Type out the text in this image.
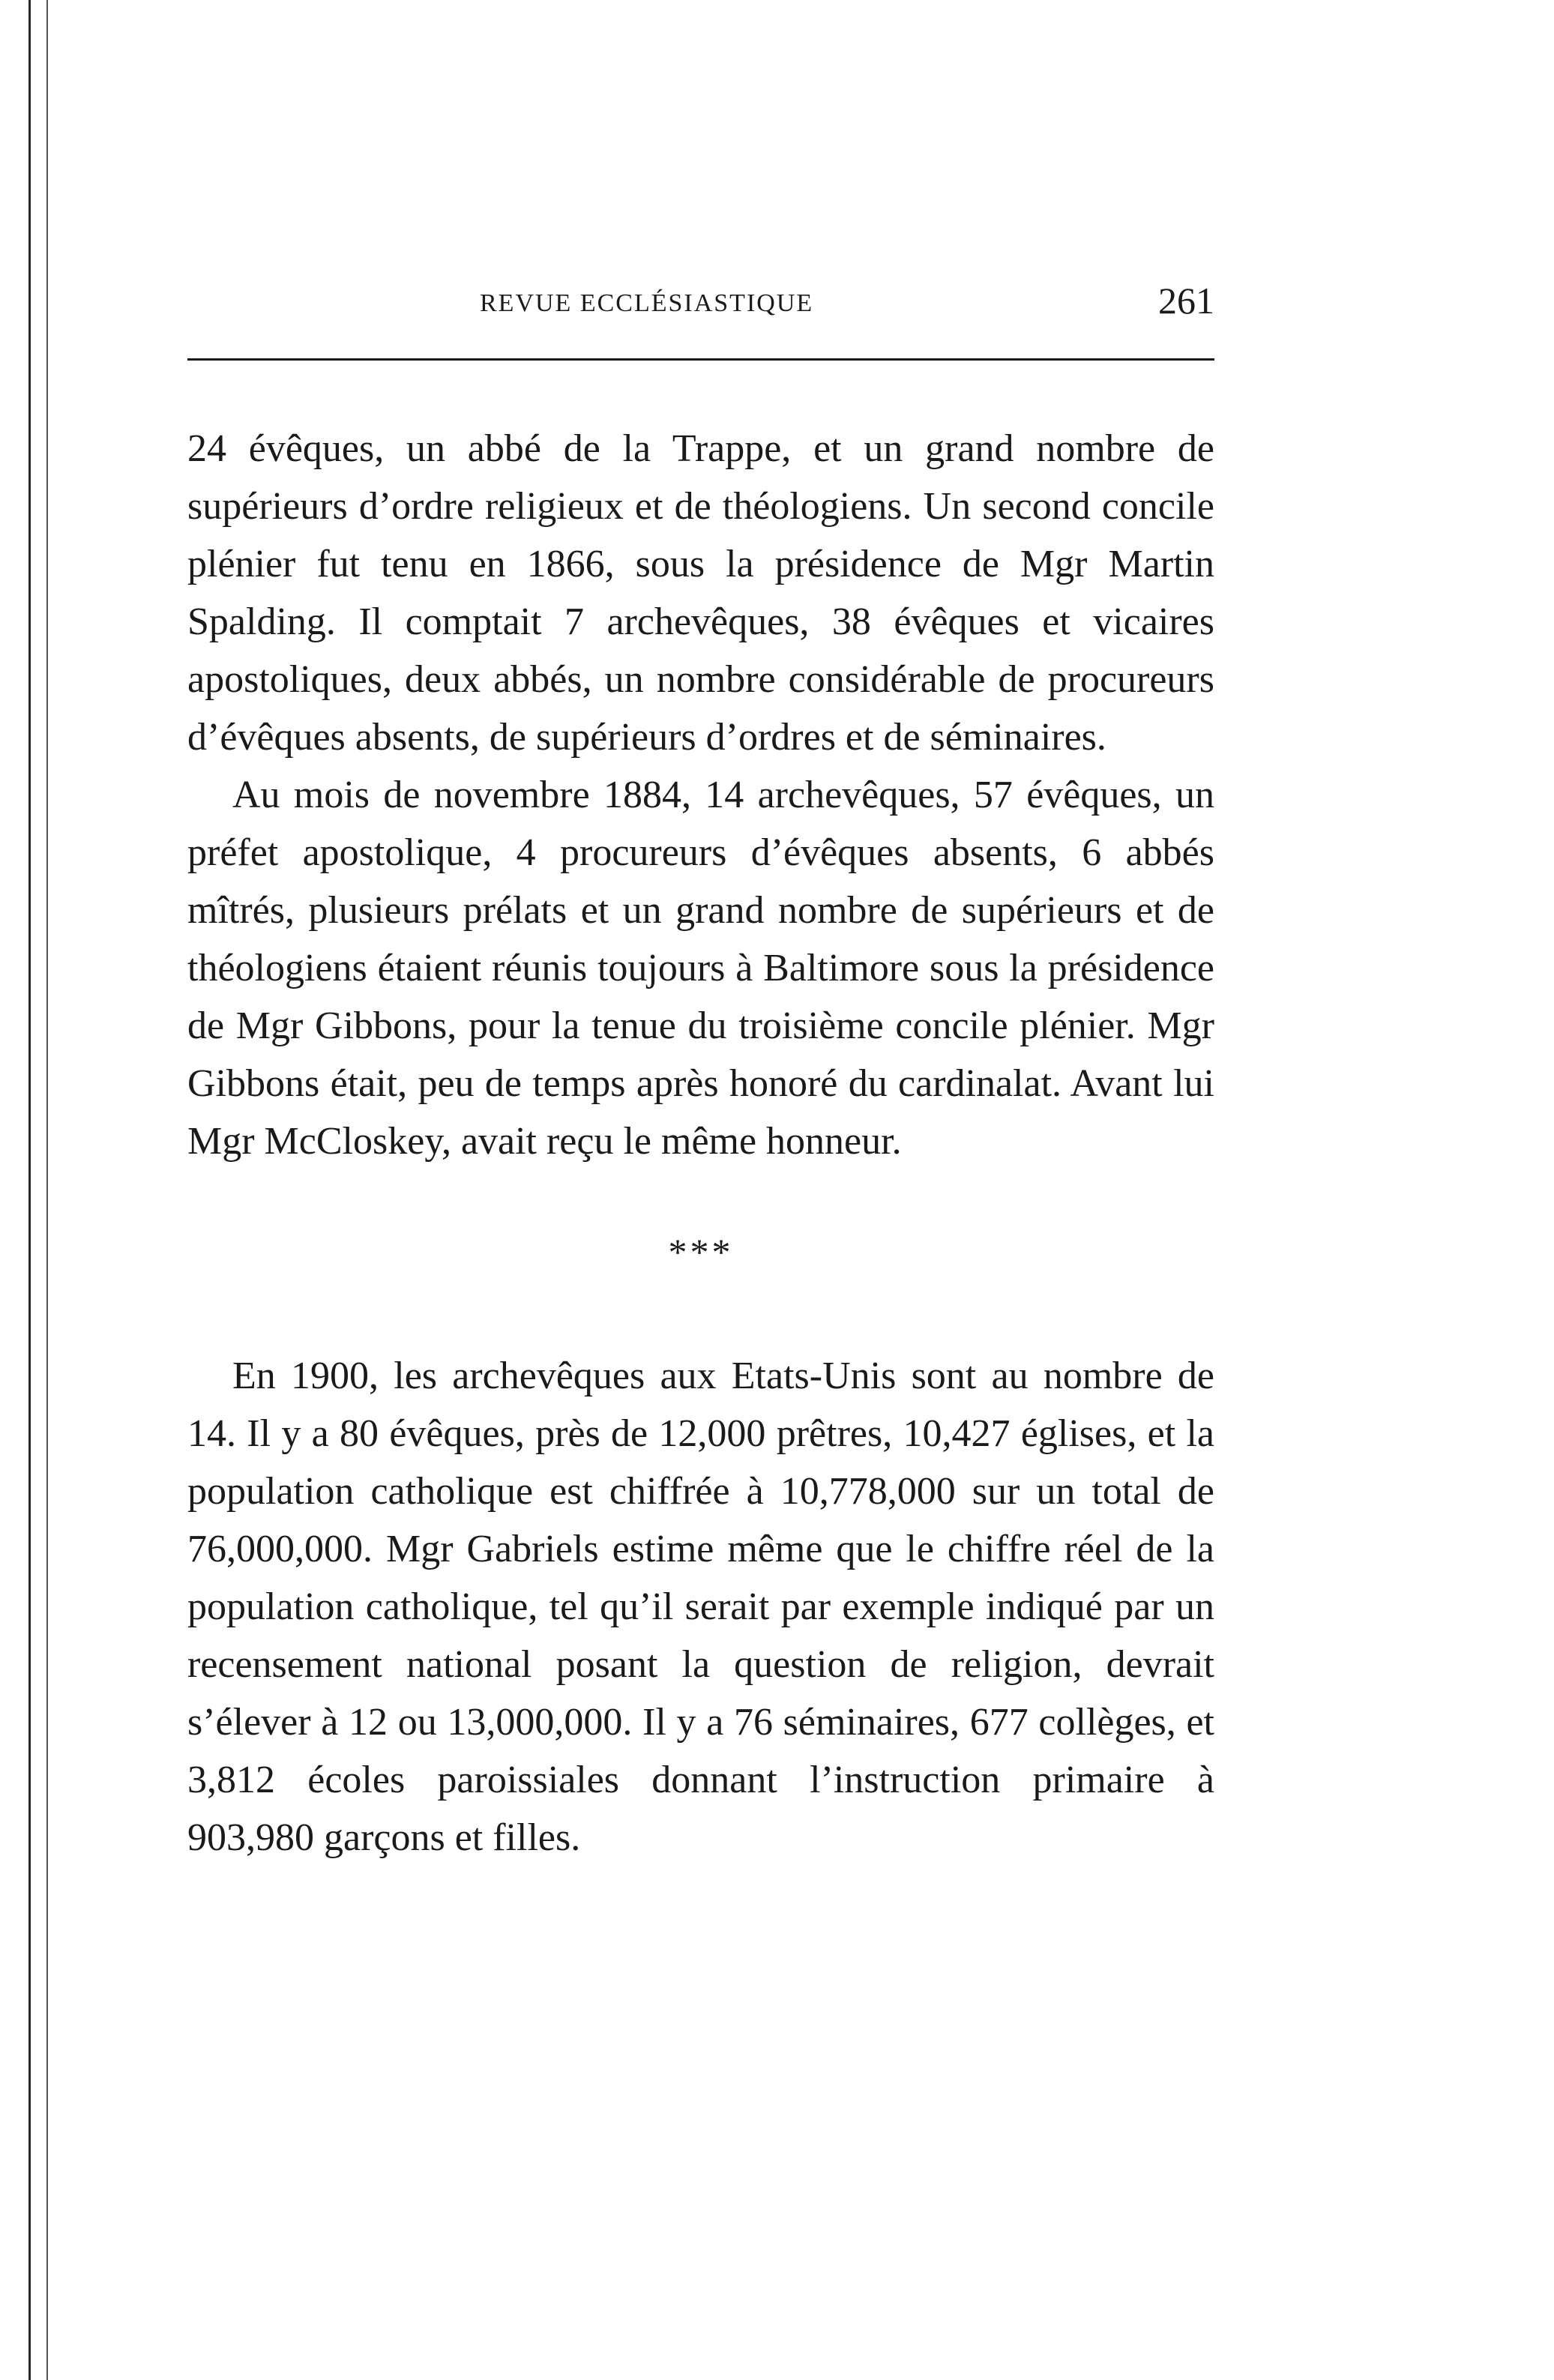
REVUE ECCLÉSIASTIQUE	261

24 évêques, un abbé de la Trappe, et un grand nombre de supérieurs d’ordre religieux et de théologiens. Un second concile plénier fut tenu en 1866, sous la présidence de Mgr Martin Spalding. Il comptait 7 archevêques, 38 évêques et vicaires apostoliques, deux abbés, un nombre considérable de procureurs d’évêques absents, de supérieurs d’ordres et de séminaires.

Au mois de novembre 1884, 14 archevêques, 57 évêques, un préfet apostolique, 4 procureurs d’évêques absents, 6 abbés mîtrés, plusieurs prélats et un grand nombre de supérieurs et de théologiens étaient réunis toujours à Baltimore sous la présidence de Mgr Gibbons, pour la tenue du troisième concile plénier. Mgr Gibbons était, peu de temps après honoré du cardinalat. Avant lui Mgr McCloskey, avait reçu le même honneur.

***

En 1900, les archevêques aux Etats-Unis sont au nombre de 14. Il y a 80 évêques, près de 12,000 prêtres, 10,427 églises, et la population catholique est chiffrée à 10,778,000 sur un total de 76,000,000. Mgr Gabriels estime même que le chiffre réel de la population catholique, tel qu’il serait par exemple indiqué par un recensement national posant la question de religion, devrait s’élever à 12 ou 13,000,000. Il y a 76 séminaires, 677 collèges, et 3,812 écoles paroissiales donnant l’instruction primaire à 903,980 garçons et filles.
